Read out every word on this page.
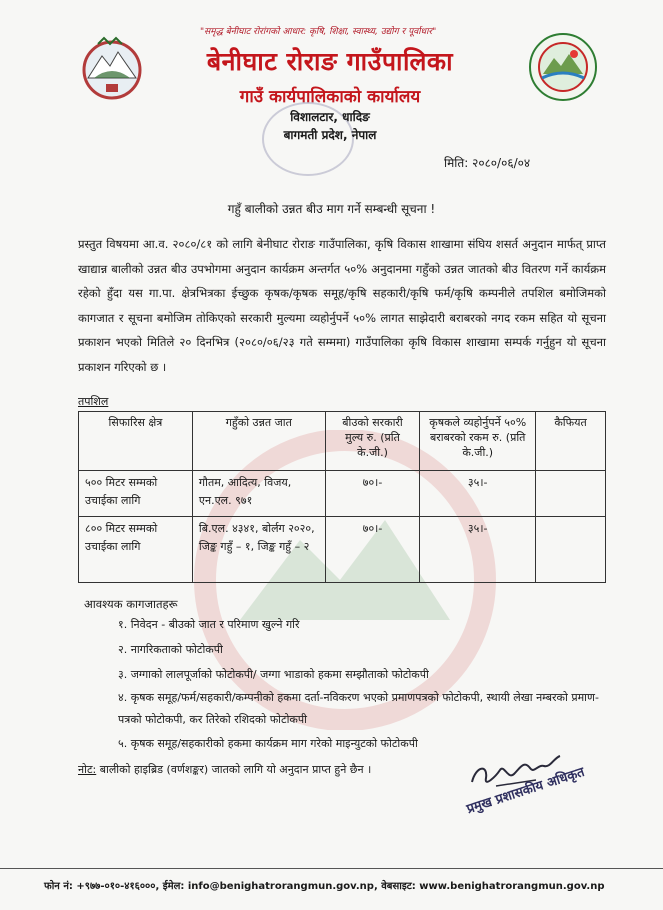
"समृद्ध बेनीघाट रोरांगको आधार: कृषि, शिक्षा, स्वास्थ्य, उद्योग र पूर्वाधार"
बेनीघाट रोराङ गाउँपालिका
गाउँ कार्यपालिकाको कार्यालय
विशालटार, धादिङ
बागमती प्रदेश, नेपाल
मिति: २०८०/०६/०४
गहुँ बालीको उन्नत बीउ माग गर्ने सम्बन्धी सूचना !
प्रस्तुत विषयमा आ.व. २०८०/८१ को लागि बेनीघाट रोराङ गाउँपालिका, कृषि विकास शाखामा संघिय शसर्त अनुदान मार्फत् प्राप्त खाद्यान्न बालीको उन्नत बीउ उपभोगमा अनुदान कार्यक्रम अन्तर्गत ५०% अनुदानमा गहुँको उन्नत जातको बीउ वितरण गर्ने कार्यक्रम रहेको हुँदा यस गा.पा. क्षेत्रभित्रका ईच्छुक कृषक/कृषक समूह/कृषि सहकारी/कृषि फर्म/कृषि कम्पनीले तपशिल बमोजिमको कागजात र सूचना बमोजिम तोकिएको सरकारी मुल्यमा व्यहोर्नुपर्ने ५०% लागत साझेदारी बराबरको नगद रकम सहित यो सूचना प्रकाशन भएको मितिले २० दिनभित्र (२०८०/०६/२३ गते सम्ममा) गाउँपालिका कृषि विकास शाखामा सम्पर्क गर्नुहुन यो सूचना प्रकाशन गरिएको छ ।
तपशिल
सिफारिस क्षेत्र	गहुँको उन्नत जात	बीउको सरकारी मुल्य रु. (प्रति के.जी.)	कृषकले व्यहोर्नुपर्ने ५०% बराबरको रकम रु. (प्रति के.जी.)	कैफियत
५०० मिटर सम्मको उचाईका लागि	गौतम, आदित्य, विजय, एन.एल. ९७१	७०।-	३५।-	
८०० मिटर सम्मको उचाईका लागि	बि.एल. ४३४१, बोर्लग २०२०, जिङ्क गहुँ – १, जिङ्क गहुँ – २	७०।-	३५।-	
आवश्यक कागजातहरू
१. निवेदन - बीउको जात र परिमाण खुल्ने गरि
२. नागरिकताको फोटोकपी
३. जग्गाको लालपूर्जाको फोटोकपी/ जग्गा भाडाको हकमा सम्झौताको फोटोकपी
४. कृषक समूह/फर्म/सहकारी/कम्पनीको हकमा दर्ता-नविकरण भएको प्रमाणपत्रको फोटोकपी, स्थायी लेखा नम्बरको प्रमाण-पत्रको फोटोकपी, कर तिरेको रशिदको फोटोकपी
५. कृषक समूह/सहकारीको हकमा कार्यक्रम माग गरेको माइन्युटको फोटोकपी
नोट: बालीको हाइब्रिड (वर्णशङ्कर) जातको लागि यो अनुदान प्राप्त हुने छैन ।	प्रमुख प्रशासकीय अधिकृत
फोन नं: +९७७-०१०-४१६०००, ईमेल: info@benighatrorangmun.gov.np, वेबसाइट: www.benighatrorangmun.gov.np
